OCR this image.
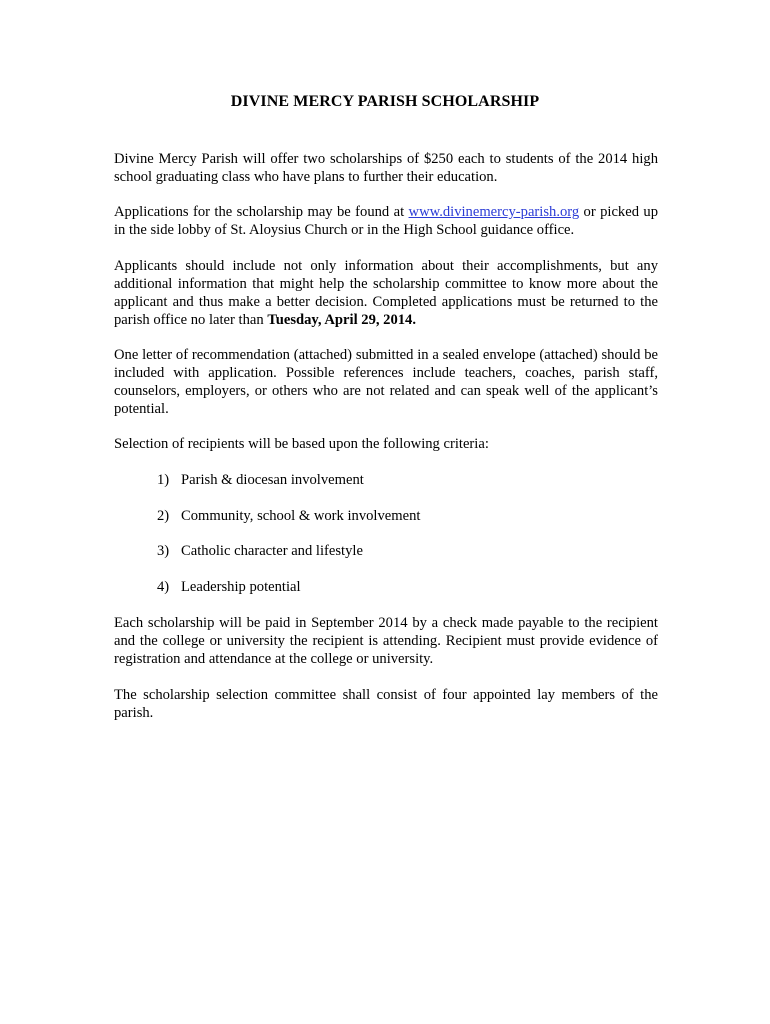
DIVINE MERCY PARISH SCHOLARSHIP

Divine Mercy Parish will offer two scholarships of $250 each to students of the 2014 high school graduating class who have plans to further their education.

Applications for the scholarship may be found at www.divinemercy-parish.org or picked up in the side lobby of St. Aloysius Church or in the High School guidance office.

Applicants should include not only information about their accomplishments, but any additional information that might help the scholarship committee to know more about the applicant and thus make a better decision. Completed applications must be returned to the parish office no later than Tuesday, April 29, 2014.

One letter of recommendation (attached) submitted in a sealed envelope (attached) should be included with application. Possible references include teachers, coaches, parish staff, counselors, employers, or others who are not related and can speak well of the applicant’s potential.

Selection of recipients will be based upon the following criteria:

1) Parish & diocesan involvement
2) Community, school & work involvement
3) Catholic character and lifestyle
4) Leadership potential

Each scholarship will be paid in September 2014 by a check made payable to the recipient and the college or university the recipient is attending. Recipient must provide evidence of registration and attendance at the college or university.

The scholarship selection committee shall consist of four appointed lay members of the parish.
